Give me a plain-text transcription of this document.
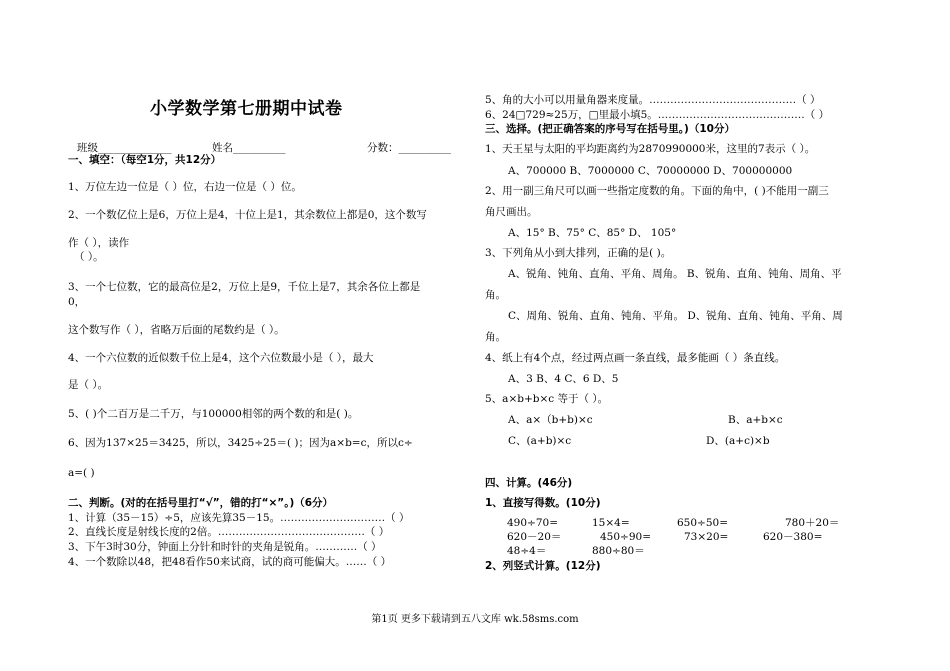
小学数学第七册期中试卷
班级______________	姓名__________	分数：__________
一、填空：（每空1分，共12分）
1、万位左边一位是（ ）位，右边一位是（ ）位。
2、一个数亿位上是6，万位上是4，十位上是1，其余数位上都是0，这个数写
作（ ），读作
（ ）。
3、一个七位数，它的最高位是2，万位上是9，千位上是7，其余各位上都是
0，
这个数写作（ ），省略万后面的尾数约是（ ）。
4、一个六位数的近似数千位上是4，这个六位数最小是（ ），最大
是（ ）。
5、( )个二百万是二千万，与100000相邻的两个数的和是( )。
6、因为137×25＝3425，所以，3425÷25＝( )；因为a×b=c，所以c÷
a=( )
二、判断。(对的在括号里打“√”，错的打“×”。)（6分）
1、计算（35－15）÷5，应该先算35－15。…………………………（ ）
2、直线长度是射线长度的2倍。……………………………………（ ）
3、下午3时30分，钟面上分针和时针的夹角是锐角。…………（ ）
4、一个数除以48，把48看作50来试商，试的商可能偏大。……（ ）
5、角的大小可以用量角器来度量。……………………………………（ ）
6、24□729≈25万，□里最小填5。……………………………………（ ）
三、选择。(把正确答案的序号写在括号里。)（10分）
1、天王星与太阳的平均距离约为2870990000米，这里的7表示（ ）。
A、700000 B、7000000 C、70000000 D、700000000
2、用一副三角尺可以画一些指定度数的角。下面的角中，( )不能用一副三
角尺画出。
A、15° B、75° C、85° D、 105°
3、下列角从小到大排列，正确的是( )。
A、锐角、钝角、直角、平角、周角。 B、锐角、直角、钝角、周角、平
角。
C、周角、锐角、直角、钝角、平角。 D、锐角、直角、钝角、平角、周
角。
4、纸上有4个点，经过两点画一条直线，最多能画（ ）条直线。
A、3 B、4 C、6 D、5
5、a×b+b×c 等于（ ）。
A、a×（b+b)×c	B、a+b×c
C、(a+b)×c	D、(a+c)×b
四、计算。(46分)
1、直接写得数。(10分)
490÷70=	15×4=	650÷50=	780＋20＝
620－20＝	450÷90=	73×20=	620－380=
48÷4＝	880÷80＝
2、列竖式计算。(12分)
第1页 更多下载请到五八文库 wk.58sms.com
